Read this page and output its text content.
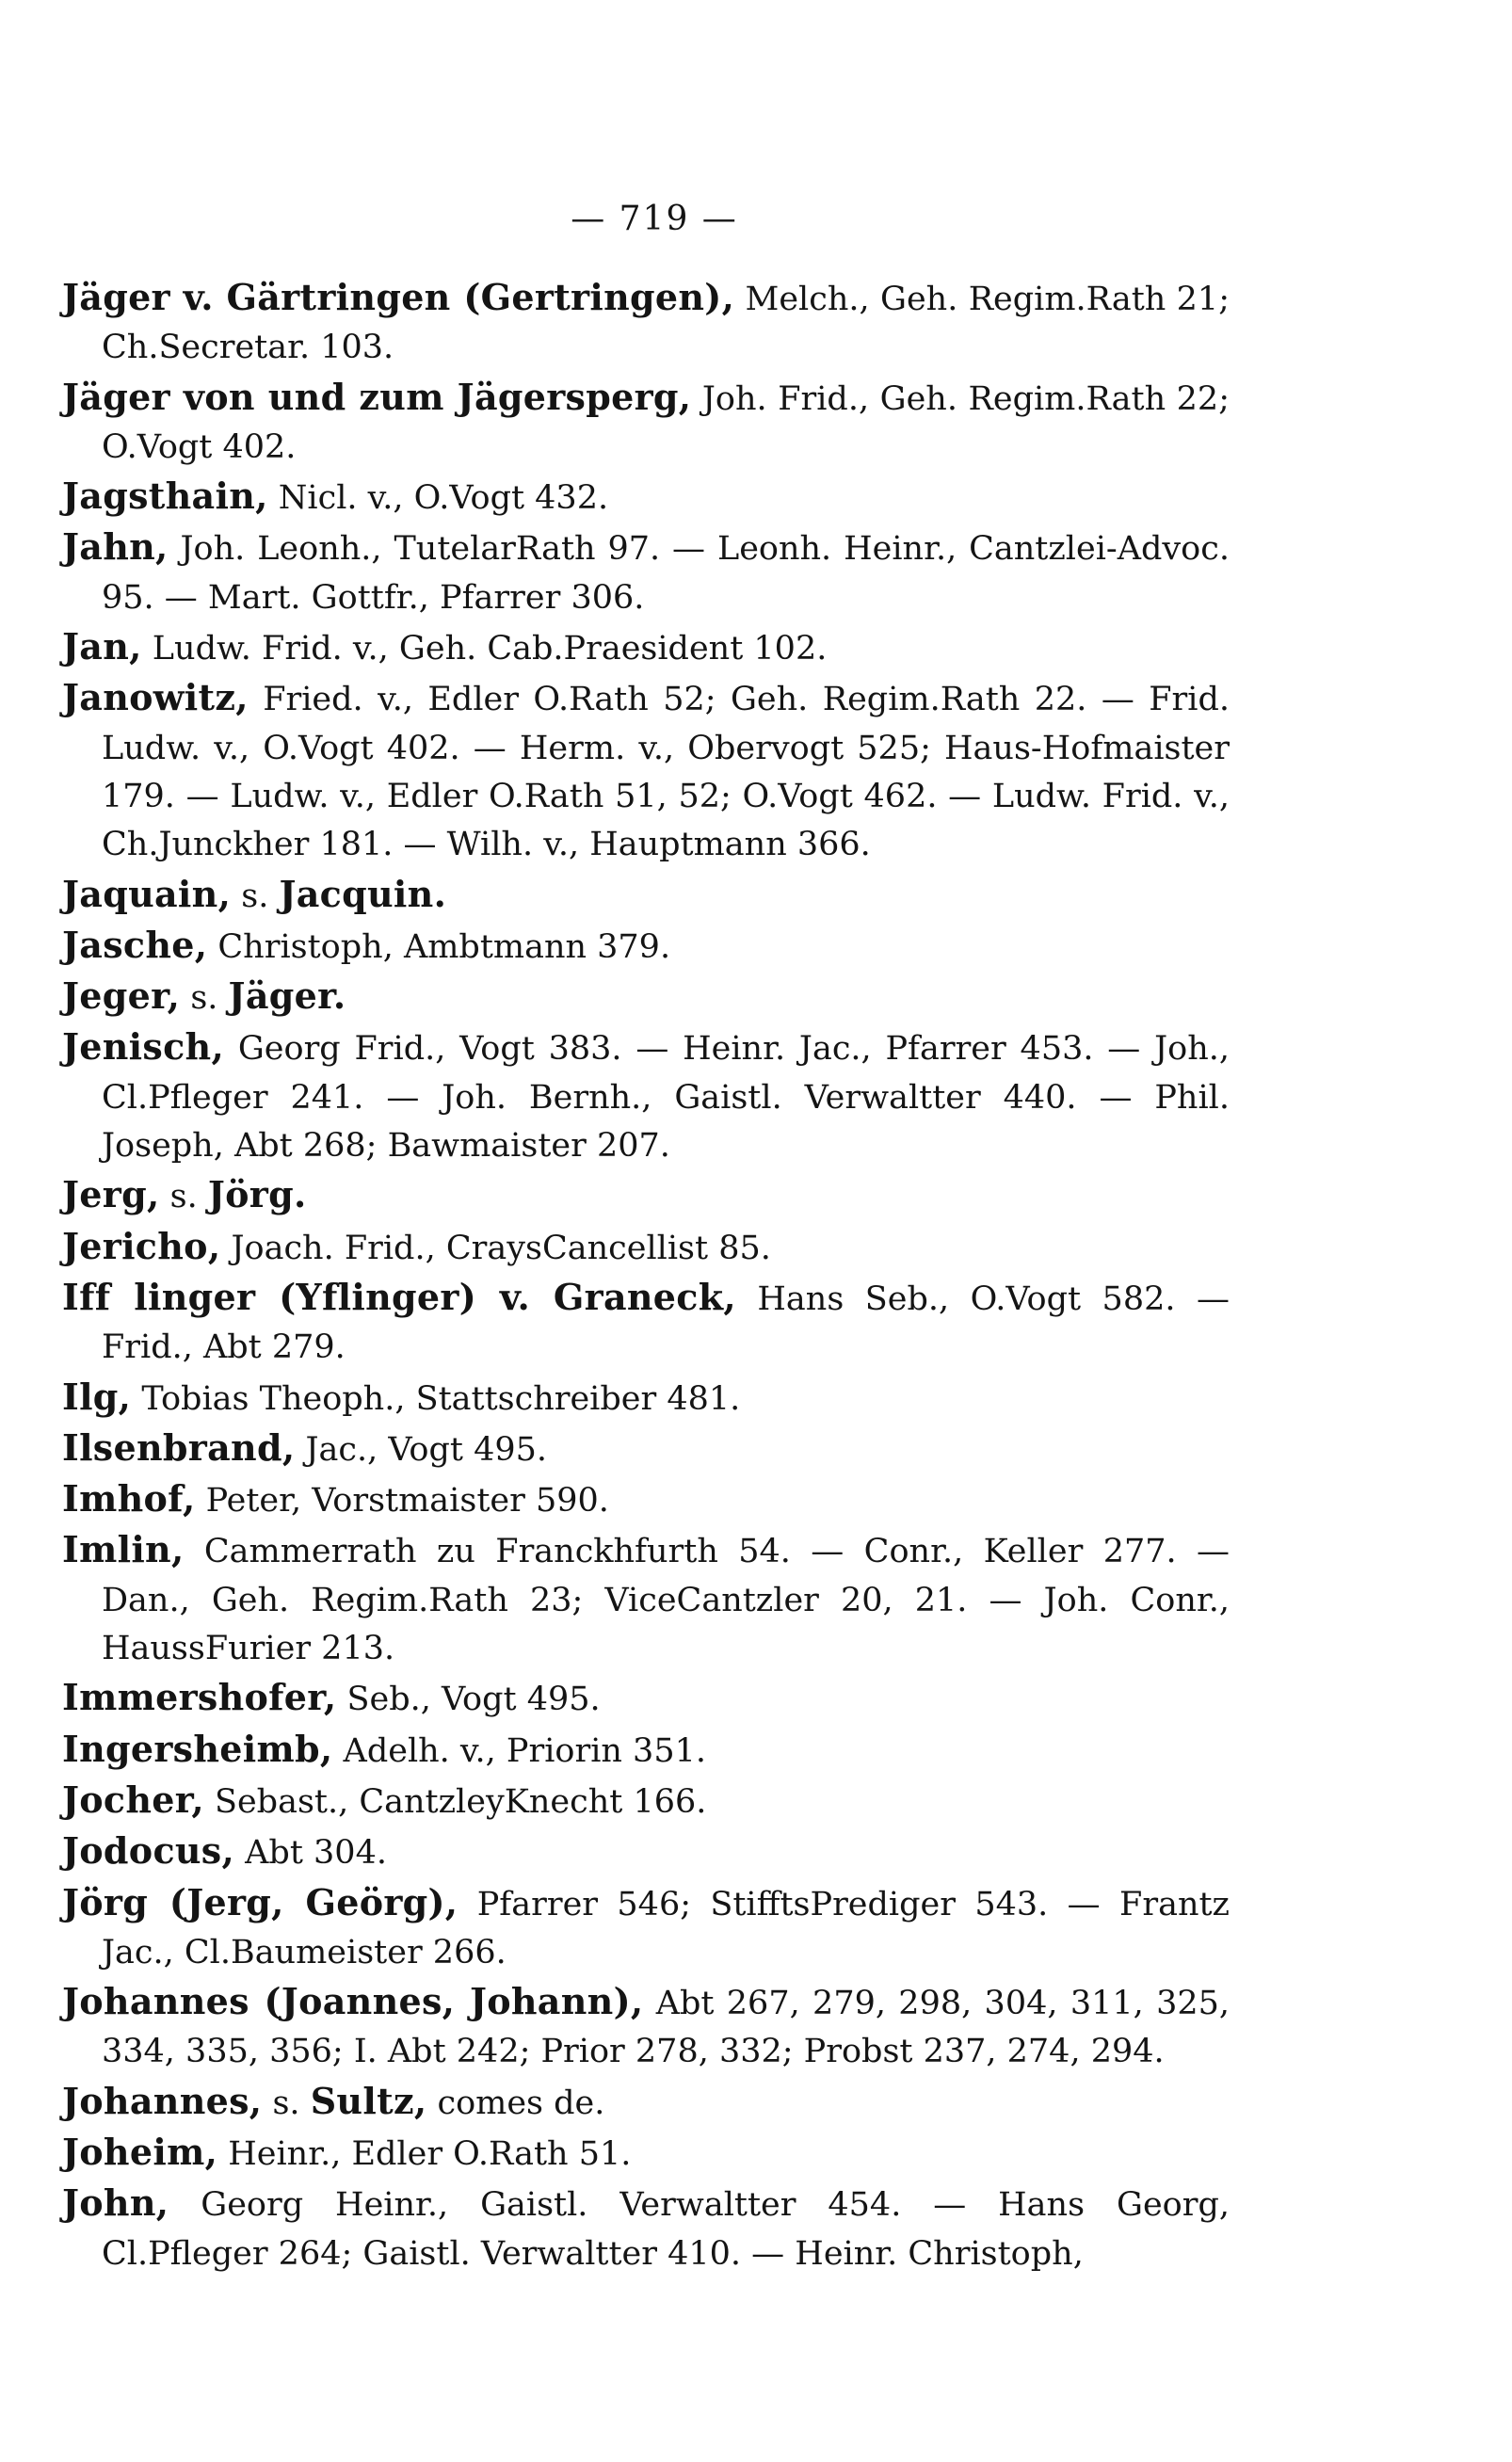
— 719 —

Jäger v. Gärtringen (Gertringen), Melch., Geh. Regim.Rath 21; Ch.Secretar. 103.

Jäger von und zum Jägersperg, Joh. Frid., Geh. Regim.Rath 22; O.Vogt 402.

Jagsthain, Nicl. v., O.Vogt 432.

Jahn, Joh. Leonh., TutelarRath 97. — Leonh. Heinr., Cantzlei-Advoc. 95. — Mart. Gottfr., Pfarrer 306.

Jan, Ludw. Frid. v., Geh. Cab.Praesident 102.

Janowitz, Fried. v., Edler O.Rath 52; Geh. Regim.Rath 22. — Frid. Ludw. v., O.Vogt 402. — Herm. v., Obervogt 525; Haus-Hofmaister 179. — Ludw. v., Edler O.Rath 51, 52; O.Vogt 462. — Ludw. Frid. v., Ch.Junckher 181. — Wilh. v., Hauptmann 366.

Jaquain, s. Jacquin.

Jasche, Christoph, Ambtmann 379.

Jeger, s. Jäger.

Jenisch, Georg Frid., Vogt 383. — Heinr. Jac., Pfarrer 453. — Joh., Cl.Pfleger 241. — Joh. Bernh., Gaistl. Verwaltter 440. — Phil. Joseph, Abt 268; Bawmaister 207.

Jerg, s. Jörg.

Jericho, Joach. Frid., CraysCancellist 85.

Iff linger (Yflinger) v. Graneck, Hans Seb., O.Vogt 582. — Frid., Abt 279.

Ilg, Tobias Theoph., Stattschreiber 481.

Ilsenbrand, Jac., Vogt 495.

Imhof, Peter, Vorstmaister 590.

Imlin, Cammerrath zu Franckhfurth 54. — Conr., Keller 277. — Dan., Geh. Regim.Rath 23; ViceCantzler 20, 21. — Joh. Conr., HaussFurier 213.

Immershofer, Seb., Vogt 495.

Ingersheimb, Adelh. v., Priorin 351.

Jocher, Sebast., CantzleyKnecht 166.

Jodocus, Abt 304.

Jörg (Jerg, Geörg), Pfarrer 546; StifftsPrediger 543. — Frantz Jac., Cl.Baumeister 266.

Johannes (Joannes, Johann), Abt 267, 279, 298, 304, 311, 325, 334, 335, 356; I. Abt 242; Prior 278, 332; Probst 237, 274, 294.

Johannes, s. Sultz, comes de.

Joheim, Heinr., Edler O.Rath 51.

John, Georg Heinr., Gaistl. Verwaltter 454. — Hans Georg, Cl.Pfleger 264; Gaistl. Verwaltter 410. — Heinr. Christoph,
